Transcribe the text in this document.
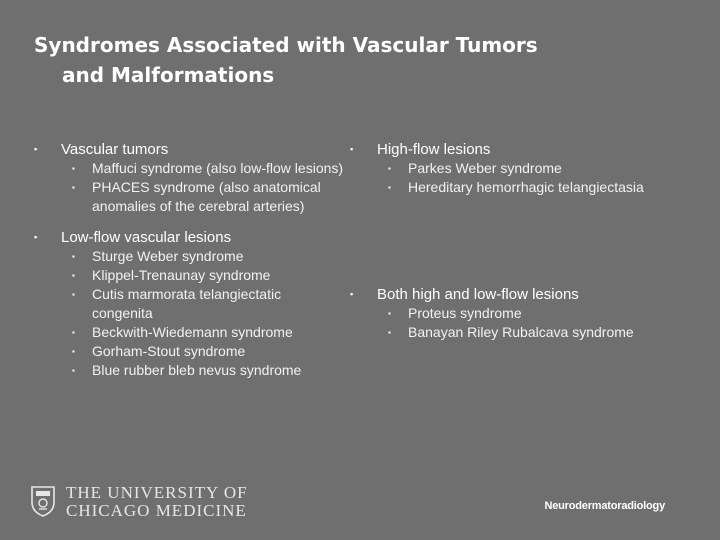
Syndromes Associated with Vascular Tumors
and Malformations
▪ Vascular tumors
▪ Maffuci syndrome (also low-flow lesions)
▪ PHACES syndrome (also anatomical anomalies of the cerebral arteries)
▪ Low-flow vascular lesions
▪ Sturge Weber syndrome
▪ Klippel-Trenaunay syndrome
▪ Cutis marmorata telangiectatic congenita
▪ Beckwith-Wiedemann syndrome
▪ Gorham-Stout syndrome
▪ Blue rubber bleb nevus syndrome
▪ High-flow lesions
▪ Parkes Weber syndrome
▪ Hereditary hemorrhagic telangiectasia
▪ Both high and low-flow lesions
▪ Proteus syndrome
▪ Banayan Riley Rubalcava syndrome
THE UNIVERSITY OF
CHICAGO MEDICINE	Neurodermatoradiology
